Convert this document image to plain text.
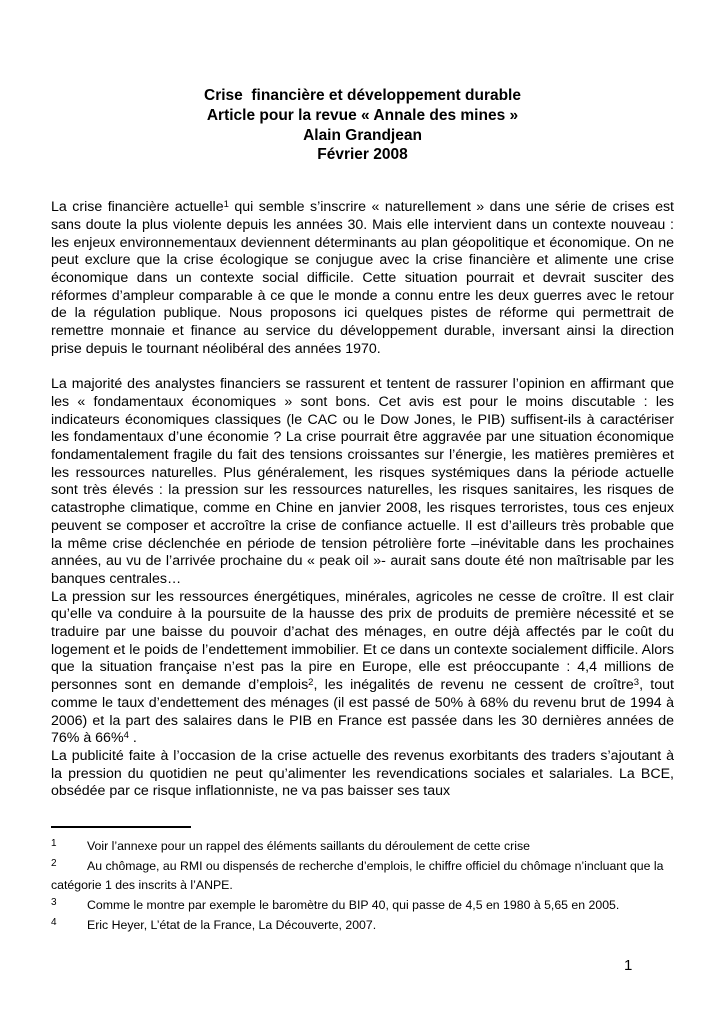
Crise  financière et développement durable
Article pour la revue « Annale des mines »
Alain Grandjean
Février 2008

La crise financière actuelle$^1$ qui semble s’inscrire « naturellement » dans une série de crises est sans doute la plus violente depuis les années 30. Mais elle intervient dans un contexte nouveau : les enjeux environnementaux deviennent déterminants au plan géopolitique et économique. On ne peut exclure que la crise écologique se conjugue avec la crise financière et alimente une crise économique dans un contexte social difficile. Cette situation pourrait et devrait susciter des réformes d’ampleur comparable à ce que le monde a connu entre les deux guerres avec le retour de la régulation publique. Nous proposons ici quelques pistes de réforme qui permettrait de remettre monnaie et finance au service du développement durable, inversant ainsi la direction prise depuis le tournant néolibéral des années 1970.

La majorité des analystes financiers se rassurent et tentent de rassurer l’opinion en affirmant que les « fondamentaux économiques » sont bons. Cet avis est pour le moins discutable : les indicateurs économiques classiques (le CAC ou le Dow Jones, le PIB) suffisent-ils à caractériser les fondamentaux d’une économie ? La crise pourrait être aggravée par une situation économique fondamentalement fragile du fait des tensions croissantes sur l’énergie, les matières premières et les ressources naturelles. Plus généralement, les risques systémiques dans la période actuelle sont très élevés : la pression sur les ressources naturelles, les risques sanitaires, les risques de catastrophe climatique, comme en Chine en janvier 2008, les risques terroristes, tous ces enjeux peuvent se composer et accroître la crise de confiance actuelle. Il est d’ailleurs très probable que la même crise déclenchée en période de tension pétrolière forte –inévitable dans les prochaines années, au vu de l’arrivée prochaine du « peak oil »- aurait sans doute été non maîtrisable par les banques centrales…

La pression sur les ressources énergétiques, minérales, agricoles ne cesse de croître. Il est clair qu’elle va conduire à la poursuite de la hausse des prix de produits de première nécessité et se traduire par une baisse du pouvoir d’achat des ménages, en outre déjà affectés par le coût du logement et le poids de l’endettement immobilier. Et ce dans un contexte socialement difficile. Alors que la situation française n’est pas la pire en Europe, elle est préoccupante : 4,4 millions de personnes sont en demande d’emplois$^2$, les inégalités de revenu ne cessent de croître$^3$, tout comme le taux d’endettement des ménages (il est passé de 50% à 68% du revenu brut de 1994 à 2006) et la part des salaires dans le PIB en France est passée dans les 30 dernières années de 76% à 66%$^4$ .

La publicité faite à l’occasion de la crise actuelle des revenus exorbitants des traders s’ajoutant à la pression du quotidien ne peut qu’alimenter les revendications sociales et salariales. La BCE, obsédée par ce risque inflationniste, ne va pas baisser ses taux

1 Voir l’annexe pour un rappel des éléments saillants du déroulement de cette crise
2 Au chômage, au RMI ou dispensés de recherche d’emplois, le chiffre officiel du chômage n’incluant que la catégorie 1 des inscrits à l’ANPE.
3 Comme le montre par exemple le baromètre du BIP 40, qui passe de 4,5 en 1980 à 5,65 en 2005.
4 Eric Heyer, L’état de la France, La Découverte, 2007.
1
